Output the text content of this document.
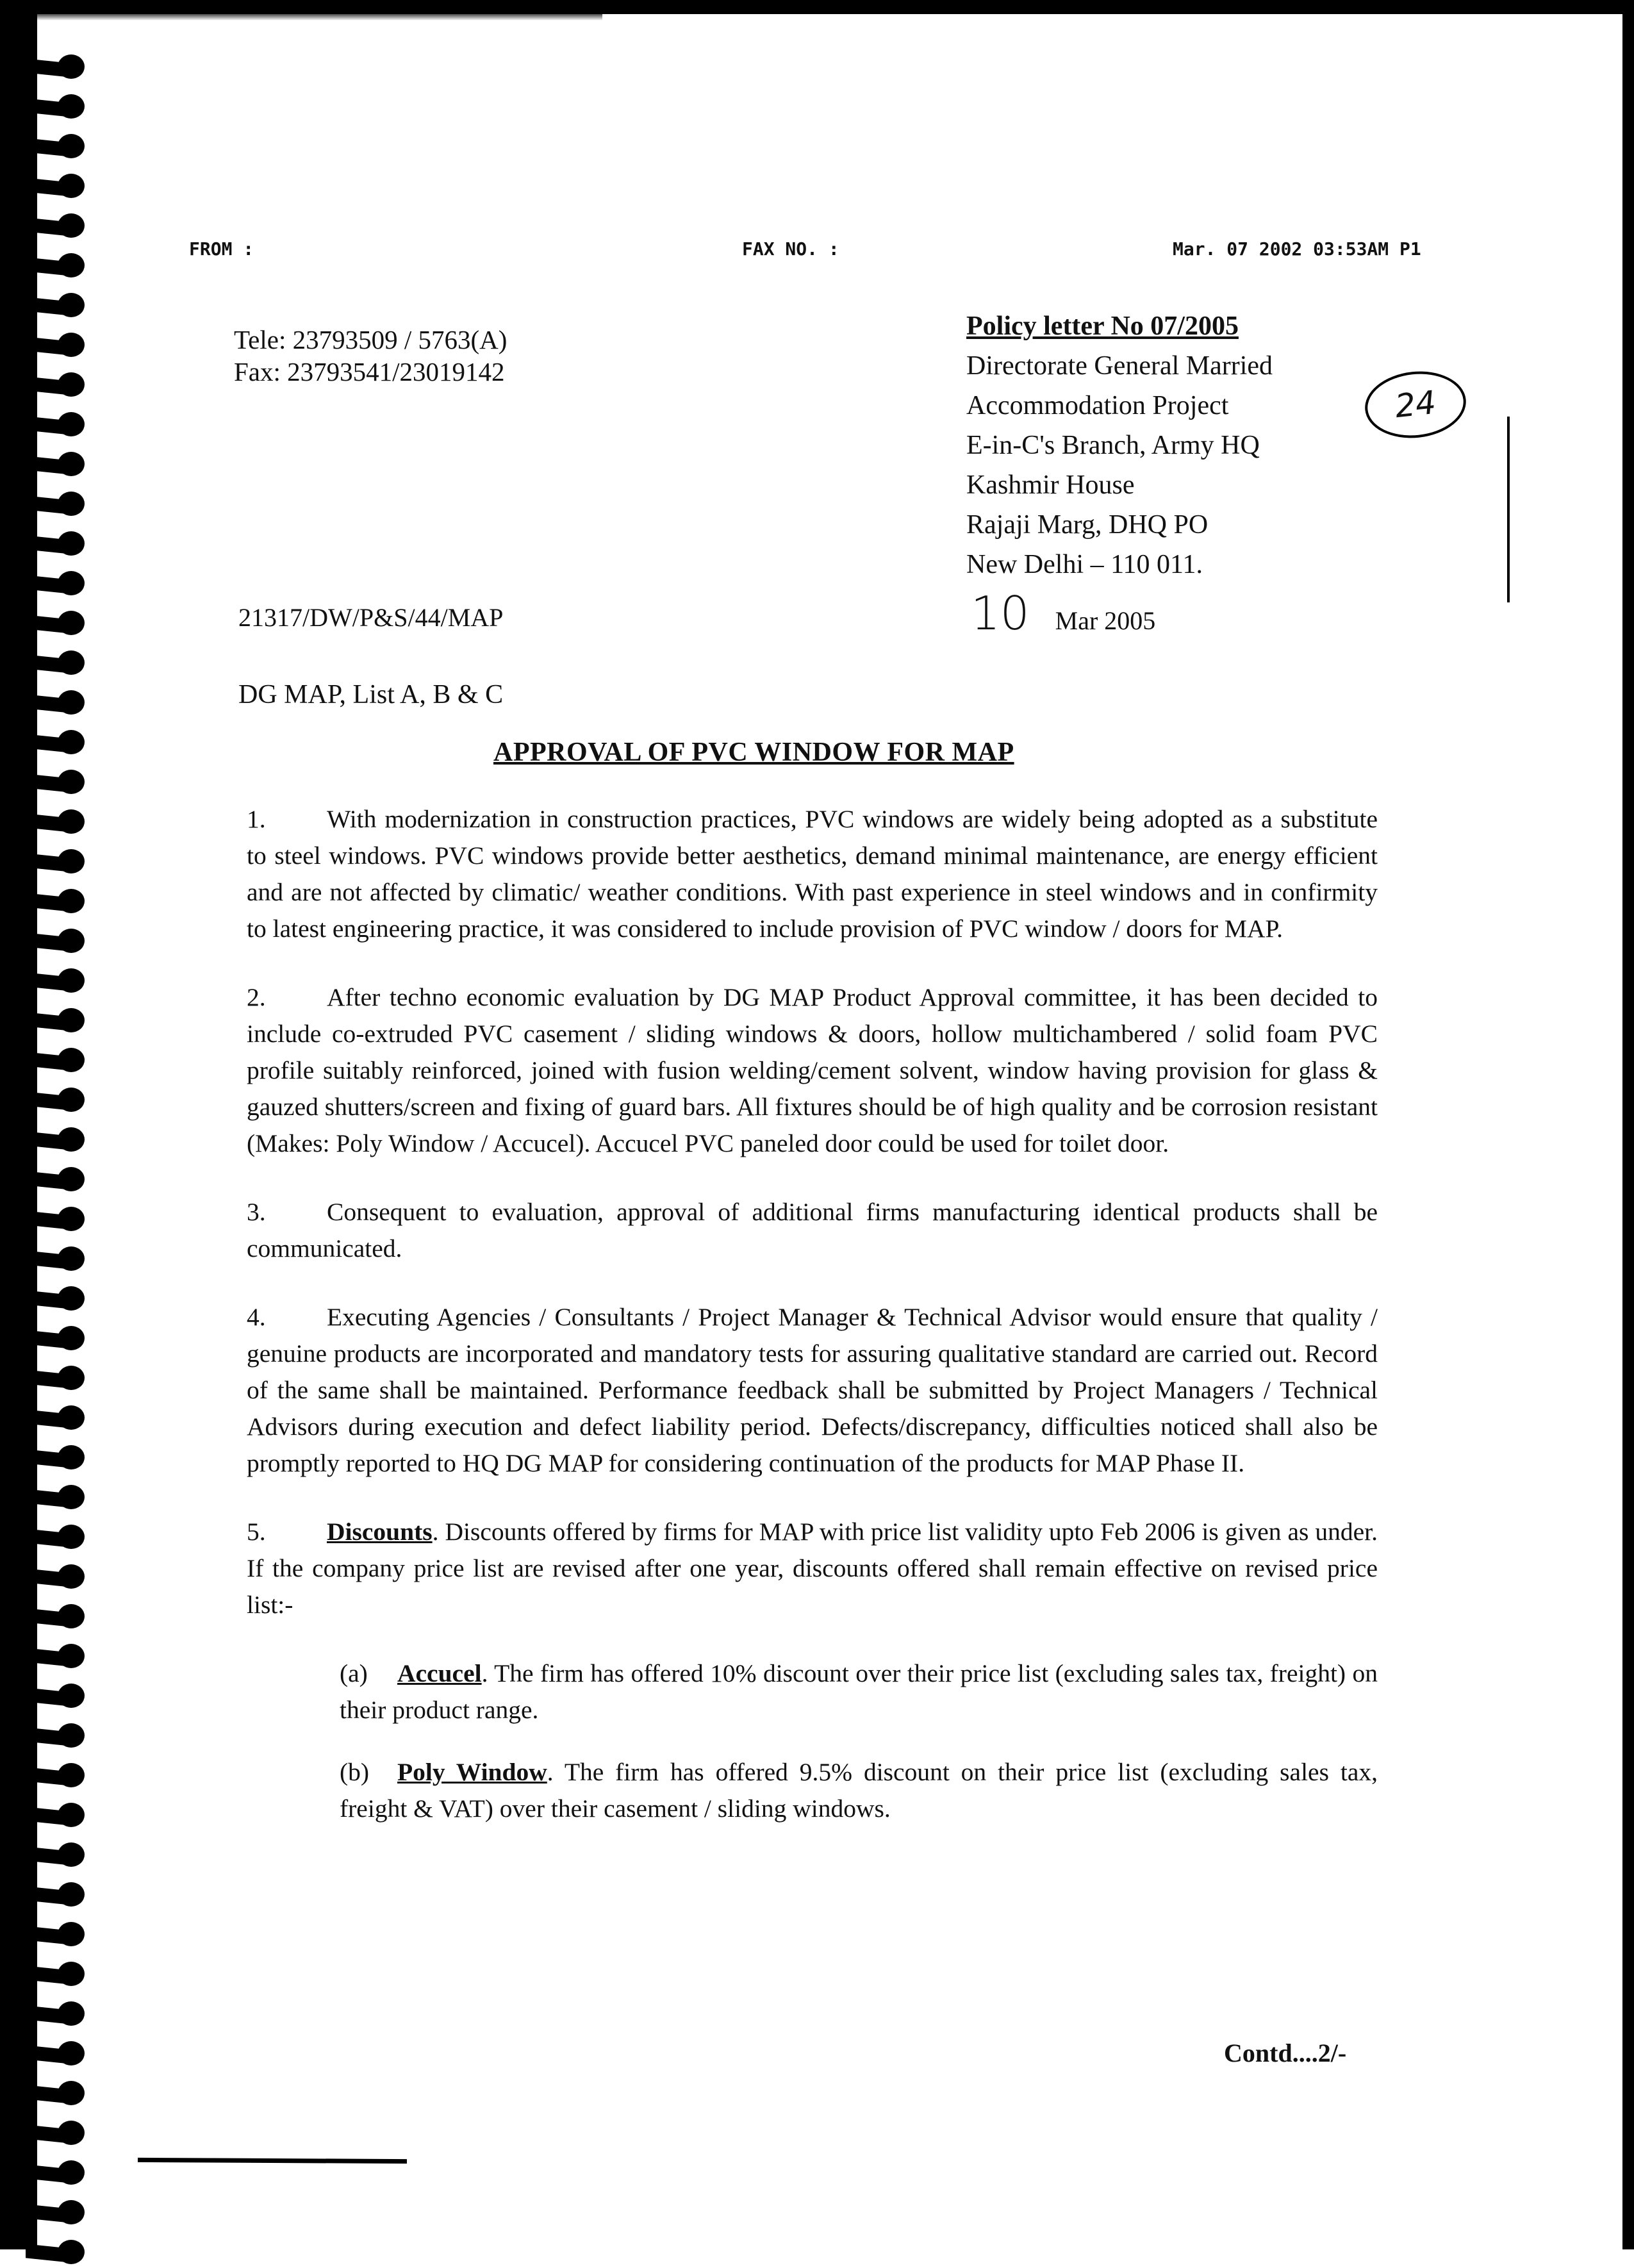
FROM :	FAX NO. :	Mar. 07 2002 03:53AM P1
Tele: 23793509 / 5763(A)
Fax: 23793541/23019142
Policy letter No 07/2005
Directorate General Married
Accommodation Project
E-in-C's Branch, Army HQ
Kashmir House
Rajaji Marg, DHQ PO
New Delhi – 110 011.
24
21317/DW/P&S/44/MAP	10 Mar 2005
DG MAP, List A, B & C
APPROVAL OF PVC WINDOW FOR MAP

1. With modernization in construction practices, PVC windows are widely being adopted as a substitute to steel windows. PVC windows provide better aesthetics, demand minimal maintenance, are energy efficient and are not affected by climatic/ weather conditions. With past experience in steel windows and in confirmity to latest engineering practice, it was considered to include provision of PVC window / doors for MAP.

2. After techno economic evaluation by DG MAP Product Approval committee, it has been decided to include co-extruded PVC casement / sliding windows & doors, hollow multichambered / solid foam PVC profile suitably reinforced, joined with fusion welding/cement solvent, window having provision for glass & gauzed shutters/screen and fixing of guard bars. All fixtures should be of high quality and be corrosion resistant (Makes: Poly Window / Accucel). Accucel PVC paneled door could be used for toilet door.

3. Consequent to evaluation, approval of additional firms manufacturing identical products shall be communicated.

4. Executing Agencies / Consultants / Project Manager & Technical Advisor would ensure that quality / genuine products are incorporated and mandatory tests for assuring qualitative standard are carried out. Record of the same shall be maintained. Performance feedback shall be submitted by Project Managers / Technical Advisors during execution and defect liability period. Defects/discrepancy, difficulties noticed shall also be promptly reported to HQ DG MAP for considering continuation of the products for MAP Phase II.

5. Discounts. Discounts offered by firms for MAP with price list validity upto Feb 2006 is given as under. If the company price list are revised after one year, discounts offered shall remain effective on revised price list:-

(a) Accucel. The firm has offered 10% discount over their price list (excluding sales tax, freight) on their product range.

(b) Poly Window. The firm has offered 9.5% discount on their price list (excluding sales tax, freight & VAT) over their casement / sliding windows.

Contd....2/-
